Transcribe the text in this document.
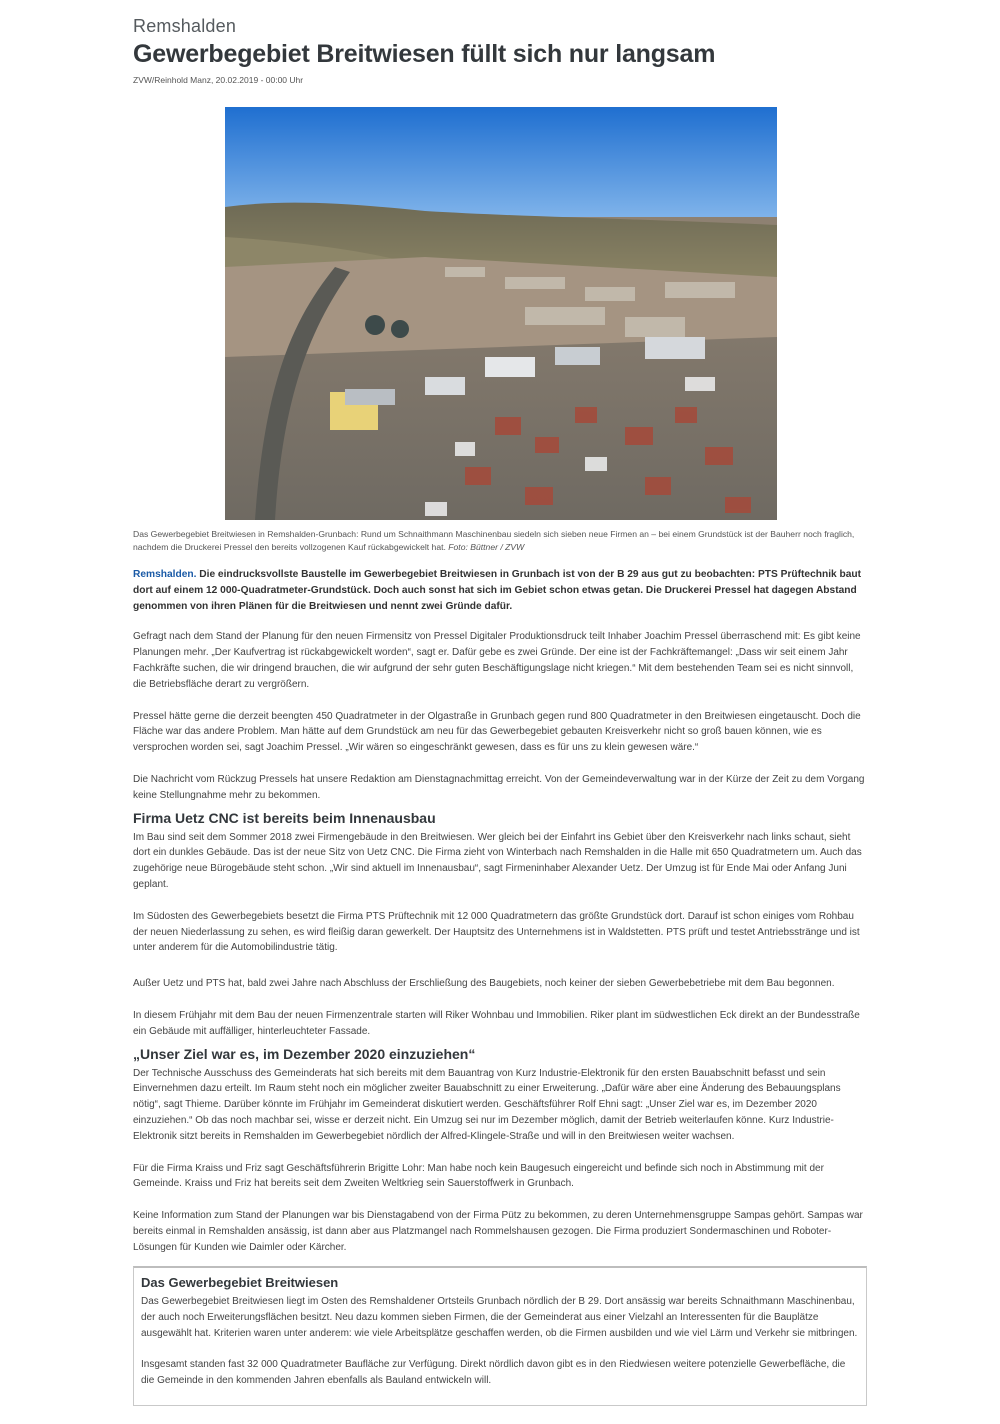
Remshalden
Gewerbegebiet Breitwiesen füllt sich nur langsam
ZVW/Reinhold Manz, 20.02.2019 - 00:00 Uhr
Das Gewerbegebiet Breitwiesen in Remshalden-Grunbach: Rund um Schnaithmann Maschinenbau siedeln sich sieben neue Firmen an – bei einem Grundstück ist der Bauherr noch fraglich, nachdem die Druckerei Pressel den bereits vollzogenen Kauf rückabgewickelt hat. Foto: Büttner / ZVW

Remshalden. Die eindrucksvollste Baustelle im Gewerbegebiet Breitwiesen in Grunbach ist von der B 29 aus gut zu beobachten: PTS Prüftechnik baut dort auf einem 12 000-Quadratmeter-Grundstück. Doch auch sonst hat sich im Gebiet schon etwas getan. Die Druckerei Pressel hat dagegen Abstand genommen von ihren Plänen für die Breitwiesen und nennt zwei Gründe dafür.

Gefragt nach dem Stand der Planung für den neuen Firmensitz von Pressel Digitaler Produktionsdruck teilt Inhaber Joachim Pressel überraschend mit: Es gibt keine Planungen mehr. „Der Kaufvertrag ist rückabgewickelt worden“, sagt er. Dafür gebe es zwei Gründe. Der eine ist der Fachkräftemangel: „Dass wir seit einem Jahr Fachkräfte suchen, die wir dringend brauchen, die wir aufgrund der sehr guten Beschäftigungslage nicht kriegen.“ Mit dem bestehenden Team sei es nicht sinnvoll, die Betriebsfläche derart zu vergrößern.

Pressel hätte gerne die derzeit beengten 450 Quadratmeter in der Olgastraße in Grunbach gegen rund 800 Quadratmeter in den Breitwiesen eingetauscht. Doch die Fläche war das andere Problem. Man hätte auf dem Grundstück am neu für das Gewerbegebiet gebauten Kreisverkehr nicht so groß bauen können, wie es versprochen worden sei, sagt Joachim Pressel. „Wir wären so eingeschränkt gewesen, dass es für uns zu klein gewesen wäre.“

Die Nachricht vom Rückzug Pressels hat unsere Redaktion am Dienstagnachmittag erreicht. Von der Gemeindeverwaltung war in der Kürze der Zeit zu dem Vorgang keine Stellungnahme mehr zu bekommen.

Firma Uetz CNC ist bereits beim Innenausbau

Im Bau sind seit dem Sommer 2018 zwei Firmengebäude in den Breitwiesen. Wer gleich bei der Einfahrt ins Gebiet über den Kreisverkehr nach links schaut, sieht dort ein dunkles Gebäude. Das ist der neue Sitz von Uetz CNC. Die Firma zieht von Winterbach nach Remshalden in die Halle mit 650 Quadratmetern um. Auch das zugehörige neue Bürogebäude steht schon. „Wir sind aktuell im Innenausbau“, sagt Firmeninhaber Alexander Uetz. Der Umzug ist für Ende Mai oder Anfang Juni geplant.

Im Südosten des Gewerbegebiets besetzt die Firma PTS Prüftechnik mit 12 000 Quadratmetern das größte Grundstück dort. Darauf ist schon einiges vom Rohbau der neuen Niederlassung zu sehen, es wird fleißig daran gewerkelt. Der Hauptsitz des Unternehmens ist in Waldstetten. PTS prüft und testet Antriebsstränge und ist unter anderem für die Automobilindustrie tätig.

Außer Uetz und PTS hat, bald zwei Jahre nach Abschluss der Erschließung des Baugebiets, noch keiner der sieben Gewerbebetriebe mit dem Bau begonnen.

In diesem Frühjahr mit dem Bau der neuen Firmenzentrale starten will Riker Wohnbau und Immobilien. Riker plant im südwestlichen Eck direkt an der Bundesstraße ein Gebäude mit auffälliger, hinterleuchteter Fassade.

„Unser Ziel war es, im Dezember 2020 einzuziehen“

Der Technische Ausschuss des Gemeinderats hat sich bereits mit dem Bauantrag von Kurz Industrie-Elektronik für den ersten Bauabschnitt befasst und sein Einvernehmen dazu erteilt. Im Raum steht noch ein möglicher zweiter Bauabschnitt zu einer Erweiterung. „Dafür wäre aber eine Änderung des Bebauungsplans nötig“, sagt Thieme. Darüber könnte im Frühjahr im Gemeinderat diskutiert werden. Geschäftsführer Rolf Ehni sagt: „Unser Ziel war es, im Dezember 2020 einzuziehen.“ Ob das noch machbar sei, wisse er derzeit nicht. Ein Umzug sei nur im Dezember möglich, damit der Betrieb weiterlaufen könne. Kurz Industrie-Elektronik sitzt bereits in Remshalden im Gewerbegebiet nördlich der Alfred-Klingele-Straße und will in den Breitwiesen weiter wachsen.

Für die Firma Kraiss und Friz sagt Geschäftsführerin Brigitte Lohr: Man habe noch kein Baugesuch eingereicht und befinde sich noch in Abstimmung mit der Gemeinde. Kraiss und Friz hat bereits seit dem Zweiten Weltkrieg sein Sauerstoffwerk in Grunbach.

Keine Information zum Stand der Planungen war bis Dienstagabend von der Firma Pütz zu bekommen, zu deren Unternehmensgruppe Sampas gehört. Sampas war bereits einmal in Remshalden ansässig, ist dann aber aus Platzmangel nach Rommelshausen gezogen. Die Firma produziert Sondermaschinen und Roboter-Lösungen für Kunden wie Daimler oder Kärcher.

Das Gewerbegebiet Breitwiesen

Das Gewerbegebiet Breitwiesen liegt im Osten des Remshaldener Ortsteils Grunbach nördlich der B 29. Dort ansässig war bereits Schnaithmann Maschinenbau, der auch noch Erweiterungsflächen besitzt. Neu dazu kommen sieben Firmen, die der Gemeinderat aus einer Vielzahl an Interessenten für die Bauplätze ausgewählt hat. Kriterien waren unter anderem: wie viele Arbeitsplätze geschaffen werden, ob die Firmen ausbilden und wie viel Lärm und Verkehr sie mitbringen.

Insgesamt standen fast 32 000 Quadratmeter Baufläche zur Verfügung. Direkt nördlich davon gibt es in den Riedwiesen weitere potenzielle Gewerbefläche, die die Gemeinde in den kommenden Jahren ebenfalls als Bauland entwickeln will.
